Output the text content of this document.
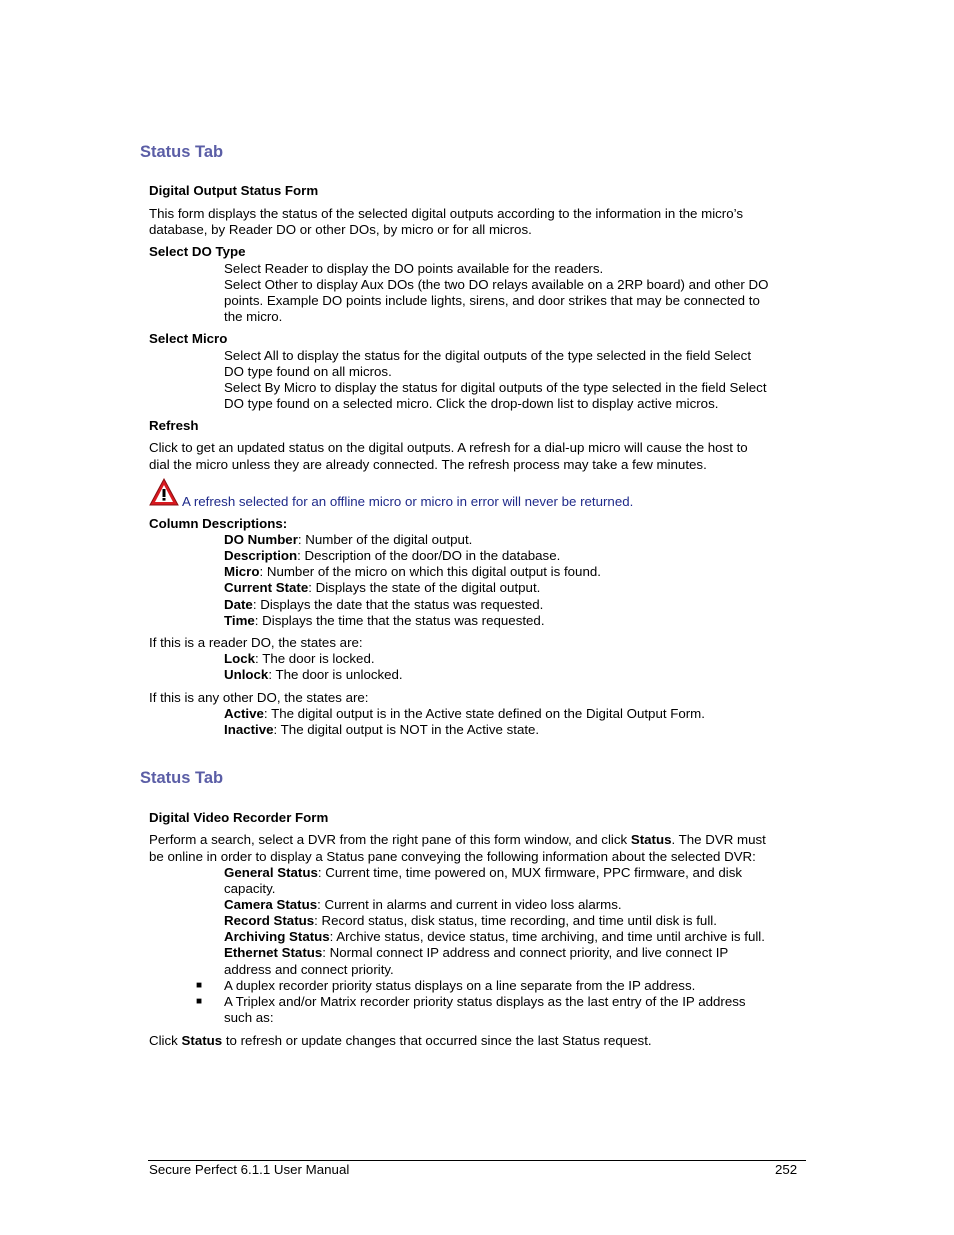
Status Tab
Digital Output Status Form
This form displays the status of the selected digital outputs according to the information in the micro’s
database, by Reader DO or other DOs, by micro or for all micros.
Select DO Type
Select Reader to display the DO points available for the readers.
Select Other to display Aux DOs (the two DO relays available on a 2RP board) and other DO
points. Example DO points include lights, sirens, and door strikes that may be connected to
the micro.
Select Micro
Select All to display the status for the digital outputs of the type selected in the field Select
DO type found on all micros.
Select By Micro to display the status for digital outputs of the type selected in the field Select
DO type found on a selected micro. Click the drop-down list to display active micros.
Refresh
Click to get an updated status on the digital outputs. A refresh for a dial-up micro will cause the host to
dial the micro unless they are already connected. The refresh process may take a few minutes.
A refresh selected for an offline micro or micro in error will never be returned.
Column Descriptions:
DO Number: Number of the digital output.
Description: Description of the door/DO in the database.
Micro: Number of the micro on which this digital output is found.
Current State: Displays the state of the digital output.
Date: Displays the date that the status was requested.
Time: Displays the time that the status was requested.
If this is a reader DO, the states are:
Lock: The door is locked.
Unlock: The door is unlocked.
If this is any other DO, the states are:
Active: The digital output is in the Active state defined on the Digital Output Form.
Inactive: The digital output is NOT in the Active state.
Status Tab
Digital Video Recorder Form
Perform a search, select a DVR from the right pane of this form window, and click Status. The DVR must
be online in order to display a Status pane conveying the following information about the selected DVR:
General Status: Current time, time powered on, MUX firmware, PPC firmware, and disk
capacity.
Camera Status: Current in alarms and current in video loss alarms.
Record Status: Record status, disk status, time recording, and time until disk is full.
Archiving Status: Archive status, device status, time archiving, and time until archive is full.
Ethernet Status: Normal connect IP address and connect priority, and live connect IP
address and connect priority.
■ A duplex recorder priority status displays on a line separate from the IP address.
■ A Triplex and/or Matrix recorder priority status displays as the last entry of the IP address
such as:
Click Status to refresh or update changes that occurred since the last Status request.
Secure Perfect 6.1.1 User Manual	252
